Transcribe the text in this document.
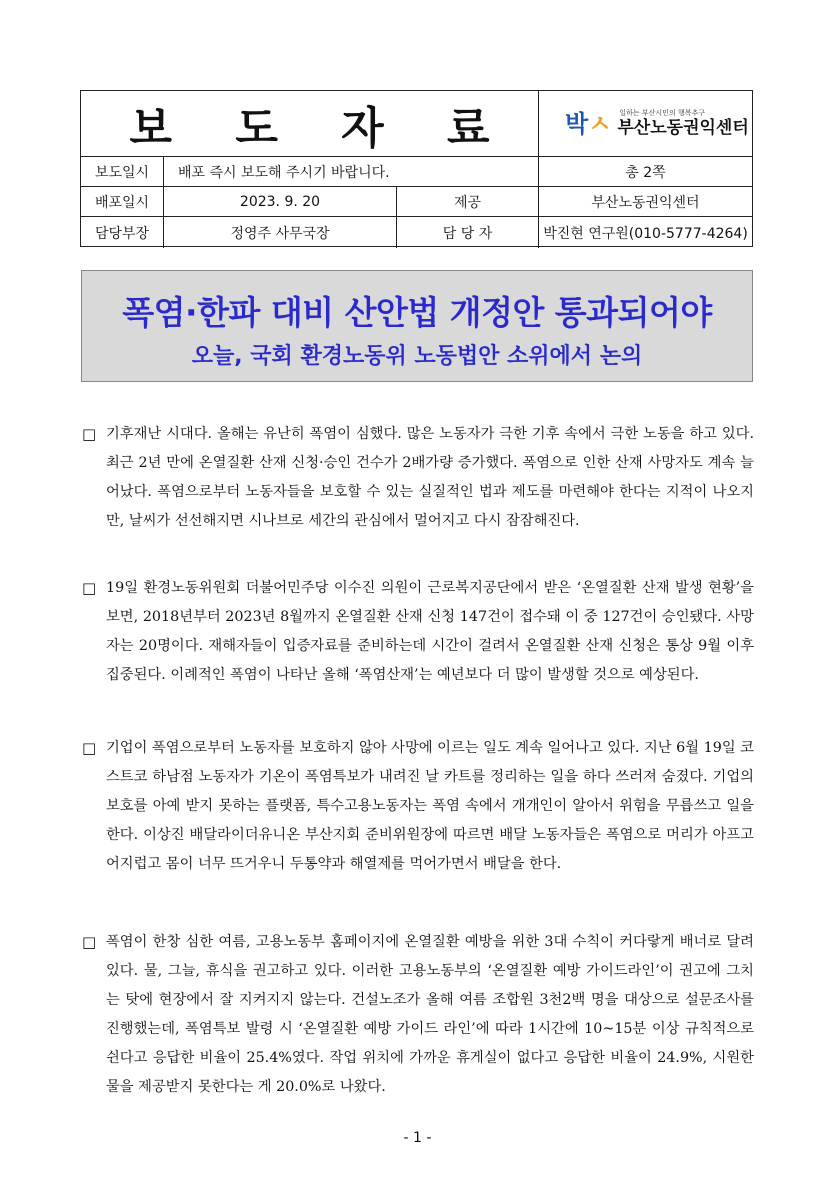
보 도 자 료 박 ㅅ 일하는 부산시민의 행복추구
부산노동권익센터
보도일시	배포 즉시 보도해 주시기 바랍니다.	총 2쪽
배포일시	2023. 9. 20	제공	부산노동권익센터
담당부장	정영주 사무국장	담 당 자	박진현 연구원(010-5777-4264)
폭염·한파 대비 산안법 개정안 통과되어야
오늘, 국회 환경노동위 노동법안 소위에서 논의
□ 기후재난 시대다. 올해는 유난히 폭염이 심했다. 많은 노동자가 극한 기후 속에서 극한 노동을 하고 있다. 최근 2년 만에 온열질환 산재 신청·승인 건수가 2배가량 증가했다. 폭염으로 인한 산재 사망자도 계속 늘어났다. 폭염으로부터 노동자들을 보호할 수 있는 실질적인 법과 제도를 마련해야 한다는 지적이 나오지만, 날씨가 선선해지면 시나브로 세간의 관심에서 멀어지고 다시 잠잠해진다.
□ 19일 환경노동위원회 더불어민주당 이수진 의원이 근로복지공단에서 받은 ‘온열질환 산재 발생 현황’을 보면, 2018년부터 2023년 8월까지 온열질환 산재 신청 147건이 접수돼 이 중 127건이 승인됐다. 사망자는 20명이다. 재해자들이 입증자료를 준비하는데 시간이 걸려서 온열질환 산재 신청은 통상 9월 이후 집중된다. 이례적인 폭염이 나타난 올해 ‘폭염산재’는 예년보다 더 많이 발생할 것으로 예상된다.
□ 기업이 폭염으로부터 노동자를 보호하지 않아 사망에 이르는 일도 계속 일어나고 있다. 지난 6월 19일 코스트코 하남점 노동자가 기온이 폭염특보가 내려진 날 카트를 정리하는 일을 하다 쓰러져 숨졌다. 기업의 보호를 아예 받지 못하는 플랫폼, 특수고용노동자는 폭염 속에서 개개인이 알아서 위험을 무릅쓰고 일을 한다. 이상진 배달라이더유니온 부산지회 준비위원장에 따르면 배달 노동자들은 폭염으로 머리가 아프고 어지럽고 몸이 너무 뜨거우니 두통약과 해열제를 먹어가면서 배달을 한다.
□ 폭염이 한창 심한 여름, 고용노동부 홈페이지에 온열질환 예방을 위한 3대 수칙이 커다랗게 배너로 달려 있다. 물, 그늘, 휴식을 권고하고 있다. 이러한 고용노동부의 ‘온열질환 예방 가이드라인’이 권고에 그치는 탓에 현장에서 잘 지켜지지 않는다. 건설노조가 올해 여름 조합원 3천2백 명을 대상으로 설문조사를 진행했는데, 폭염특보 발령 시 ‘온열질환 예방 가이드 라인’에 따라 1시간에 10~15분 이상 규칙적으로 쉰다고 응답한 비율이 25.4%였다. 작업 위치에 가까운 휴게실이 없다고 응답한 비율이 24.9%, 시원한 물을 제공받지 못한다는 게 20.0%로 나왔다.
- 1 -
